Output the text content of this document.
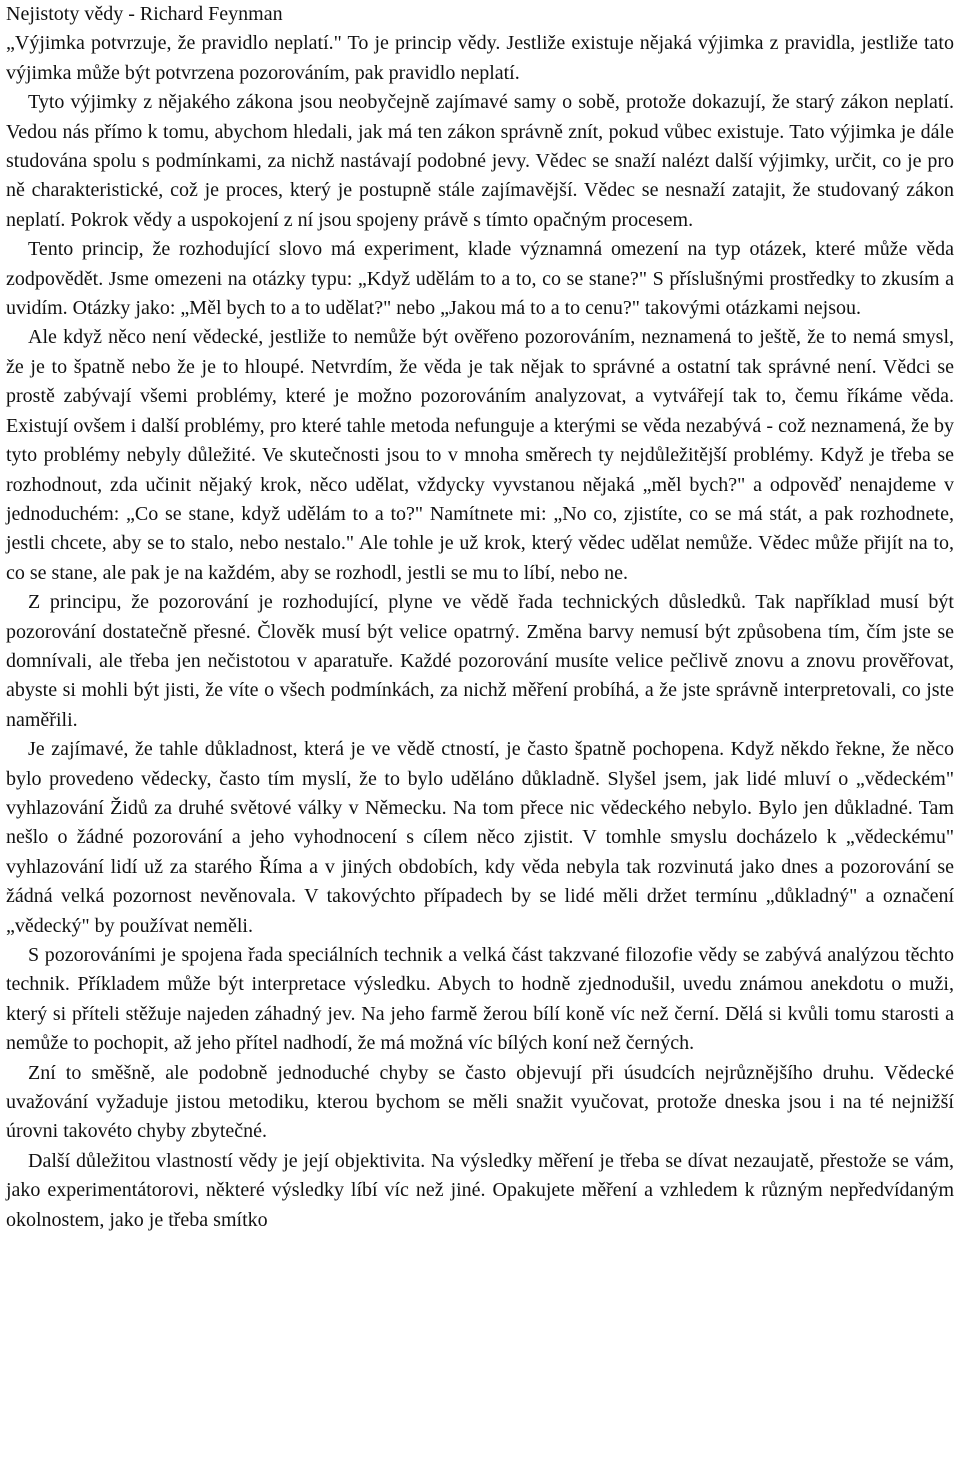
Nejistoty vědy - Richard Feynman

„Výjimka potvrzuje, že pravidlo neplatí." To je princip vědy. Jestliže existuje nějaká výjimka z pravidla, jestliže tato výjimka může být potvrzena pozorováním, pak pravidlo neplatí.

Tyto výjimky z nějakého zákona jsou neobyčejně zajímavé samy o sobě, protože dokazují, že starý zákon neplatí. Vedou nás přímo k tomu, abychom hledali, jak má ten zákon správně znít, pokud vůbec existuje. Tato výjimka je dále studována spolu s podmínkami, za nichž nastávají podobné jevy. Vědec se snaží nalézt další výjimky, určit, co je pro ně charakteristické, což je proces, který je postupně stále zajímavější. Vědec se nesnaží zatajit, že studovaný zákon neplatí. Pokrok vědy a uspokojení z ní jsou spojeny právě s tímto opačným procesem.

Tento princip, že rozhodující slovo má experiment, klade významná omezení na typ otázek, které může věda zodpovědět. Jsme omezeni na otázky typu: „Když udělám to a to, co se stane?" S příslušnými prostředky to zkusím a uvidím. Otázky jako: „Měl bych to a to udělat?" nebo „Jakou má to a to cenu?" takovými otázkami nejsou.

Ale když něco není vědecké, jestliže to nemůže být ověřeno pozorováním, neznamená to ještě, že to nemá smysl, že je to špatně nebo že je to hloupé. Netvrdím, že věda je tak nějak to správné a ostatní tak správné není. Vědci se prostě zabývají všemi problémy, které je možno pozorováním analyzovat, a vytvářejí tak to, čemu říkáme věda. Existují ovšem i další problémy, pro které tahle metoda nefunguje a kterými se věda nezabývá - což neznamená, že by tyto problémy nebyly důležité. Ve skutečnosti jsou to v mnoha směrech ty nejdůležitější problémy. Když je třeba se rozhodnout, zda učinit nějaký krok, něco udělat, vždycky vyvstanou nějaká „měl bych?" a odpověď nenajdeme v jednoduchém: „Co se stane, když udělám to a to?" Namítnete mi: „No co, zjistíte, co se má stát, a pak rozhodnete, jestli chcete, aby se to stalo, nebo nestalo." Ale tohle je už krok, který vědec udělat nemůže. Vědec může přijít na to, co se stane, ale pak je na každém, aby se rozhodl, jestli se mu to líbí, nebo ne.

Z principu, že pozorování je rozhodující, plyne ve vědě řada technických důsledků. Tak například musí být pozorování dostatečně přesné. Člověk musí být velice opatrný. Změna barvy nemusí být způsobena tím, čím jste se domnívali, ale třeba jen nečistotou v aparatuře. Každé pozorování musíte velice pečlivě znovu a znovu prověřovat, abyste si mohli být jisti, že víte o všech podmínkách, za nichž měření probíhá, a že jste správně interpretovali, co jste naměřili.

Je zajímavé, že tahle důkladnost, která je ve vědě ctností, je často špatně pochopena. Když někdo řekne, že něco bylo provedeno vědecky, často tím myslí, že to bylo uděláno důkladně. Slyšel jsem, jak lidé mluví o „vědeckém" vyhlazování Židů za druhé světové války v Německu. Na tom přece nic vědeckého nebylo. Bylo jen důkladné. Tam nešlo o žádné pozorování a jeho vyhodnocení s cílem něco zjistit. V tomhle smyslu docházelo k „vědeckému" vyhlazování lidí už za starého Říma a v jiných obdobích, kdy věda nebyla tak rozvinutá jako dnes a pozorování se žádná velká pozornost nevěnovala. V takovýchto případech by se lidé měli držet termínu „důkladný" a označení „vědecký" by používat neměli.

S pozorováními je spojena řada speciálních technik a velká část takzvané filozofie vědy se zabývá analýzou těchto technik. Příkladem může být interpretace výsledku. Abych to hodně zjednodušil, uvedu známou anekdotu o muži, který si příteli stěžuje najeden záhadný jev. Na jeho farmě žerou bílí koně víc než černí. Dělá si kvůli tomu starosti a nemůže to pochopit, až jeho přítel nadhodí, že má možná víc bílých koní než černých.

Zní to směšně, ale podobně jednoduché chyby se často objevují při úsudcích nejrůznějšího druhu. Vědecké uvažování vyžaduje jistou metodiku, kterou bychom se měli snažit vyučovat, protože dneska jsou i na té nejnižší úrovni takovéto chyby zbytečné.

Další důležitou vlastností vědy je její objektivita. Na výsledky měření je třeba se dívat nezaujatě, přestože se vám, jako experimentátorovi, některé výsledky líbí víc než jiné. Opakujete měření a vzhledem k různým nepředvídaným okolnostem, jako je třeba smítko
